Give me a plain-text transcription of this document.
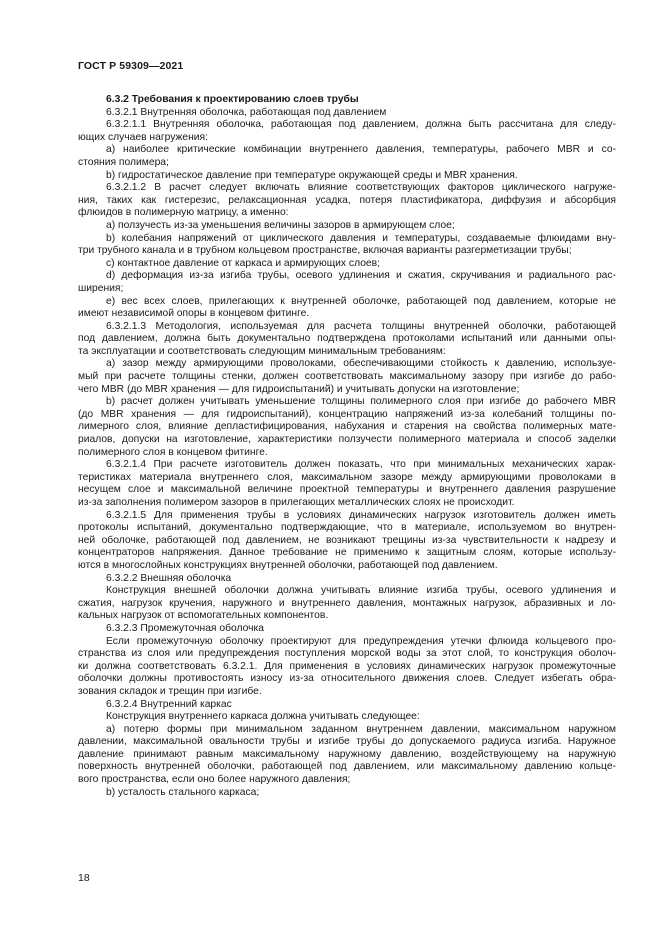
ГОСТ Р 59309—2021
6.3.2 Требования к проектированию слоев трубы
6.3.2.1 Внутренняя оболочка, работающая под давлением
6.3.2.1.1 Внутренняя оболочка, работающая под давлением, должна быть рассчитана для следу-
ющих случаев нагружения:
a) наиболее критические комбинации внутреннего давления, температуры, рабочего MBR и со-
стояния полимера;
b) гидростатическое давление при температуре окружающей среды и MBR хранения.
6.3.2.1.2 В расчет следует включать влияние соответствующих факторов циклического нагруже-
ния, таких как гистерезис, релаксационная усадка, потеря пластификатора, диффузия и абсорбция
флюидов в полимерную матрицу, а именно:
a) ползучесть из-за уменьшения величины зазоров в армирующем слое;
b) колебания напряжений от циклического давления и температуры, создаваемые флюидами вну-
три трубного канала и в трубном кольцевом пространстве, включая варианты разгерметизации трубы;
c) контактное давление от каркаса и армирующих слоев;
d) деформация из-за изгиба трубы, осевого удлинения и сжатия, скручивания и радиального рас-
ширения;
e) вес всех слоев, прилегающих к внутренней оболочке, работающей под давлением, которые не
имеют независимой опоры в концевом фитинге.
6.3.2.1.3 Методология, используемая для расчета толщины внутренней оболочки, работающей
под давлением, должна быть документально подтверждена протоколами испытаний или данными опы-
та эксплуатации и соответствовать следующим минимальным требованиям:
a) зазор между армирующими проволоками, обеспечивающими стойкость к давлению, используе-
мый при расчете толщины стенки, должен соответствовать максимальному зазору при изгибе до рабо-
чего MBR (до MBR хранения — для гидроиспытаний) и учитывать допуски на изготовление;
b) расчет должен учитывать уменьшение толщины полимерного слоя при изгибе до рабочего MBR
(до MBR хранения — для гидроиспытаний), концентрацию напряжений из-за колебаний толщины по-
лимерного слоя, влияние депластифицирования, набухания и старения на свойства полимерных мате-
риалов, допуски на изготовление, характеристики ползучести полимерного материала и способ заделки
полимерного слоя в концевом фитинге.
6.3.2.1.4 При расчете изготовитель должен показать, что при минимальных механических харак-
теристиках материала внутреннего слоя, максимальном зазоре между армирующими проволоками в
несущем слое и максимальной величине проектной температуры и внутреннего давления разрушение
из-за заполнения полимером зазоров в прилегающих металлических слоях не происходит.
6.3.2.1.5 Для применения трубы в условиях динамических нагрузок изготовитель должен иметь
протоколы испытаний, документально подтверждающие, что в материале, используемом во внутрен-
ней оболочке, работающей под давлением, не возникают трещины из-за чувствительности к надрезу и
концентраторов напряжения. Данное требование не применимо к защитным слоям, которые использу-
ются в многослойных конструкциях внутренней оболочки, работающей под давлением.
6.3.2.2 Внешняя оболочка
Конструкция внешней оболочки должна учитывать влияние изгиба трубы, осевого удлинения и
сжатия, нагрузок кручения, наружного и внутреннего давления, монтажных нагрузок, абразивных и ло-
кальных нагрузок от вспомогательных компонентов.
6.3.2.3 Промежуточная оболочка
Если промежуточную оболочку проектируют для предупреждения утечки флюида кольцевого про-
странства из слоя или предупреждения поступления морской воды за этот слой, то конструкция оболоч-
ки должна соответствовать 6.3.2.1. Для применения в условиях динамических нагрузок промежуточные
оболочки должны противостоять износу из-за относительного движения слоев. Следует избегать обра-
зования складок и трещин при изгибе.
6.3.2.4 Внутренний каркас
Конструкция внутреннего каркаса должна учитывать следующее:
a) потерю формы при минимальном заданном внутреннем давлении, максимальном наружном
давлении, максимальной овальности трубы и изгибе трубы до допускаемого радиуса изгиба. Наружное
давление принимают равным максимальному наружному давлению, воздействующему на наружную
поверхность внутренней оболочки, работающей под давлением, или максимальному давлению кольце-
вого пространства, если оно более наружного давления;
b) усталость стального каркаса;
18
